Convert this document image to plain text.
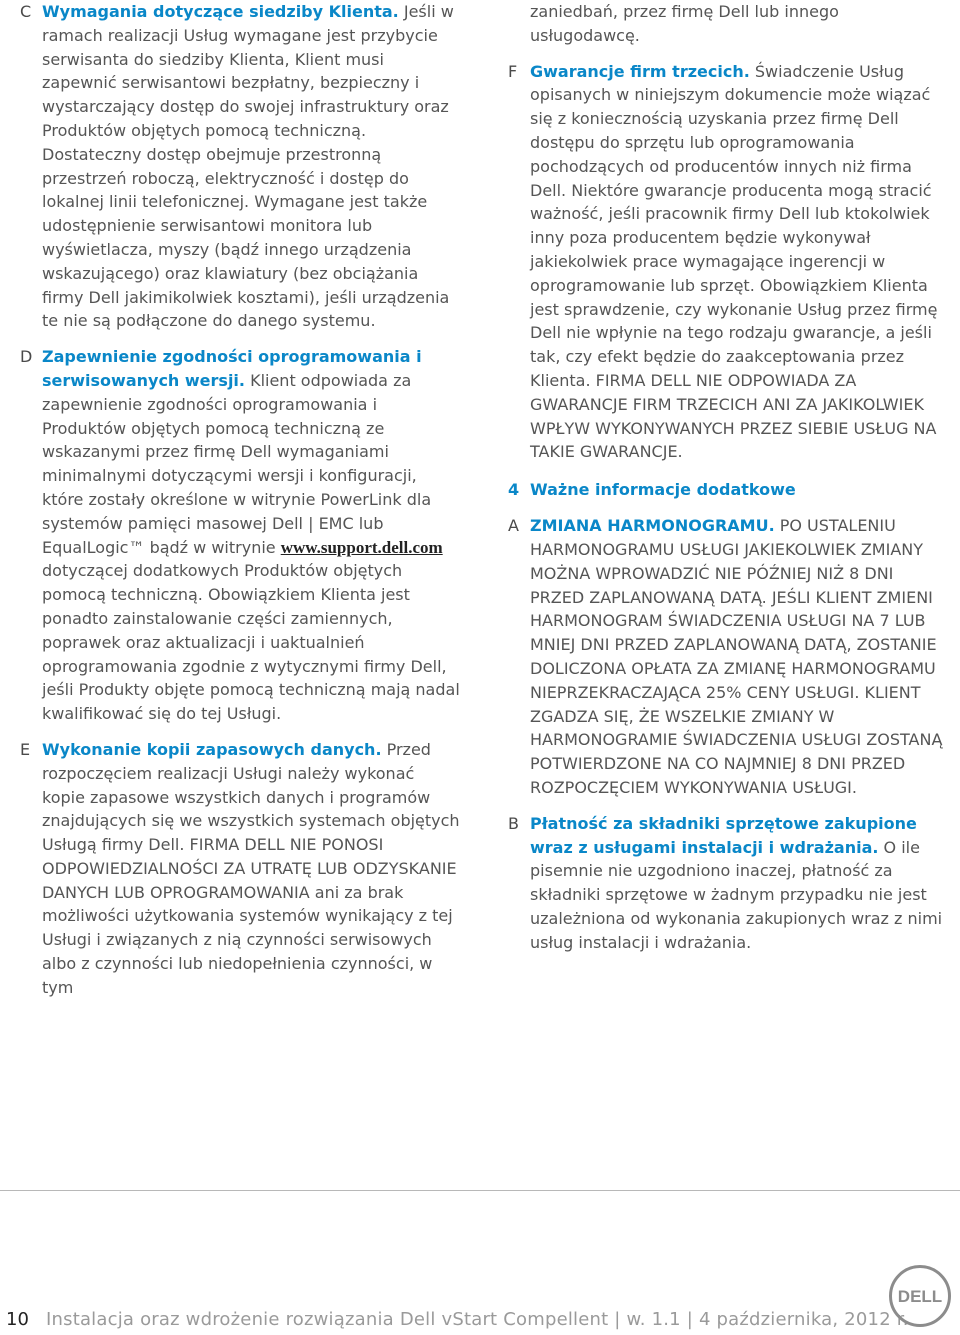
C Wymagania dotyczące siedziby Klienta. Jeśli w ramach realizacji Usług wymagane jest przybycie serwisanta do siedziby Klienta, Klient musi zapewnić serwisantowi bezpłatny, bezpieczny i wystarczający dostęp do swojej infrastruktury oraz Produktów objętych pomocą techniczną. Dostateczny dostęp obejmuje przestronną przestrzeń roboczą, elektryczność i dostęp do lokalnej linii telefonicznej. Wymagane jest także udostępnienie serwisantowi monitora lub wyświetlacza, myszy (bądź innego urządzenia wskazującego) oraz klawiatury (bez obciążania firmy Dell jakimikolwiek kosztami), jeśli urządzenia te nie są podłączone do danego systemu.

D Zapewnienie zgodności oprogramowania i serwisowanych wersji. Klient odpowiada za zapewnienie zgodności oprogramowania i Produktów objętych pomocą techniczną ze wskazanymi przez firmę Dell wymaganiami minimalnymi dotyczącymi wersji i konfiguracji, które zostały określone w witrynie PowerLink dla systemów pamięci masowej Dell | EMC lub EqualLogic™ bądź w witrynie www.support.dell.com dotyczącej dodatkowych Produktów objętych pomocą techniczną. Obowiązkiem Klienta jest ponadto zainstalowanie części zamiennych, poprawek oraz aktualizacji i uaktualnień oprogramowania zgodnie z wytycznymi firmy Dell, jeśli Produkty objęte pomocą techniczną mają nadal kwalifikować się do tej Usługi.

E Wykonanie kopii zapasowych danych. Przed rozpoczęciem realizacji Usługi należy wykonać kopie zapasowe wszystkich danych i programów znajdujących się we wszystkich systemach objętych Usługą firmy Dell. FIRMA DELL NIE PONOSI ODPOWIEDZIALNOŚCI ZA UTRATĘ LUB ODZYSKANIE DANYCH LUB OPROGRAMOWANIA ani za brak możliwości użytkowania systemów wynikający z tej Usługi i związanych z nią czynności serwisowych albo z czynności lub niedopełnienia czynności, w tym

zaniedbań, przez firmę Dell lub innego usługodawcę.

F Gwarancje firm trzecich. Świadczenie Usług opisanych w niniejszym dokumencie może wiązać się z koniecznością uzyskania przez firmę Dell dostępu do sprzętu lub oprogramowania pochodzących od producentów innych niż firma Dell. Niektóre gwarancje producenta mogą stracić ważność, jeśli pracownik firmy Dell lub ktokolwiek inny poza producentem będzie wykonywał jakiekolwiek prace wymagające ingerencji w oprogramowanie lub sprzęt. Obowiązkiem Klienta jest sprawdzenie, czy wykonanie Usług przez firmę Dell nie wpłynie na tego rodzaju gwarancje, a jeśli tak, czy efekt będzie do zaakceptowania przez Klienta. FIRMA DELL NIE ODPOWIADA ZA GWARANCJE FIRM TRZECICH ANI ZA JAKIKOLWIEK WPŁYW WYKONYWANYCH PRZEZ SIEBIE USŁUG NA TAKIE GWARANCJE.

4 Ważne informacje dodatkowe
A ZMIANA HARMONOGRAMU. PO USTALENIU HARMONOGRAMU USŁUGI JAKIEKOLWIEK ZMIANY MOŻNA WPROWADZIĆ NIE PÓŹNIEJ NIŻ 8 DNI PRZED ZAPLANOWANĄ DATĄ. JEŚLI KLIENT ZMIENI HARMONOGRAM ŚWIADCZENIA USŁUGI NA 7 LUB MNIEJ DNI PRZED ZAPLANOWANĄ DATĄ, ZOSTANIE DOLICZONA OPŁATA ZA ZMIANĘ HARMONOGRAMU NIEPRZEKRACZAJĄCA 25% CENY USŁUGI. KLIENT ZGADZA SIĘ, ŻE WSZELKIE ZMIANY W HARMONOGRAMIE ŚWIADCZENIA USŁUGI ZOSTANĄ POTWIERDZONE NA CO NAJMNIEJ 8 DNI PRZED ROZPOCZĘCIEM WYKONYWANIA USŁUGI.

B Płatność za składniki sprzętowe zakupione wraz z usługami instalacji i wdrażania. O ile pisemnie nie uzgodniono inaczej, płatność za składniki sprzętowe w żadnym przypadku nie jest uzależniona od wykonania zakupionych wraz z nimi usług instalacji i wdrażania.

10 Instalacja oraz wdrożenie rozwiązania Dell vStart Compellent | w. 1.1 | 4 października, 2012 r.
DELL
